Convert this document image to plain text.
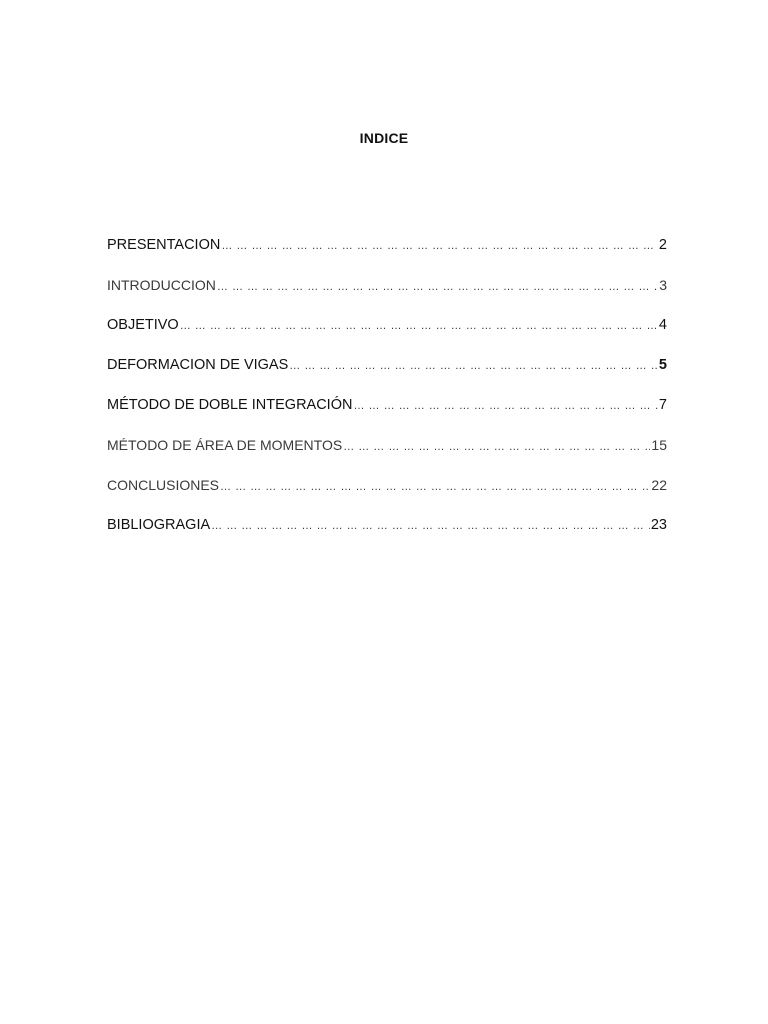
INDICE
PRESENTACION … … … … … … … … … … … … … … … … … … … … … … … … … … … … … … … … … … … … … … … … … … … … … … … … … …	2
INTRODUCCION … … … … … … … … … … … … … … … … … … … … … … … … … … … … … … … … … … … … … … … … … … … … … … … … … …	3
OBJETIVO … … … … … … … … … … … … … … … … … … … … … … … … … … … … … … … … … … … … … … … … … … … … … … … … … …	4
DEFORMACION DE VIGAS … … … … … … … … … … … … … … … … … … … … … … … … … … … … … … … … … … … … … … … … … … … … … … … … … …	5
MÉTODO DE DOBLE INTEGRACIÓN … … … … … … … … … … … … … … … … … … … … … … … … … … … … … … … … … … … … … … … … … … … … … … … … … …	7
MÉTODO DE ÁREA DE MOMENTOS … … … … … … … … … … … … … … … … … … … … … … … … … … … … … … … … … … … … … … … … … … … … … … … … … …	15
CONCLUSIONES … … … … … … … … … … … … … … … … … … … … … … … … … … … … … … … … … … … … … … … … … … … … … … … … … …	22
BIBLIOGRAGIA … … … … … … … … … … … … … … … … … … … … … … … … … … … … … … … … … … … … … … … … … … … … … … … … … …	23
